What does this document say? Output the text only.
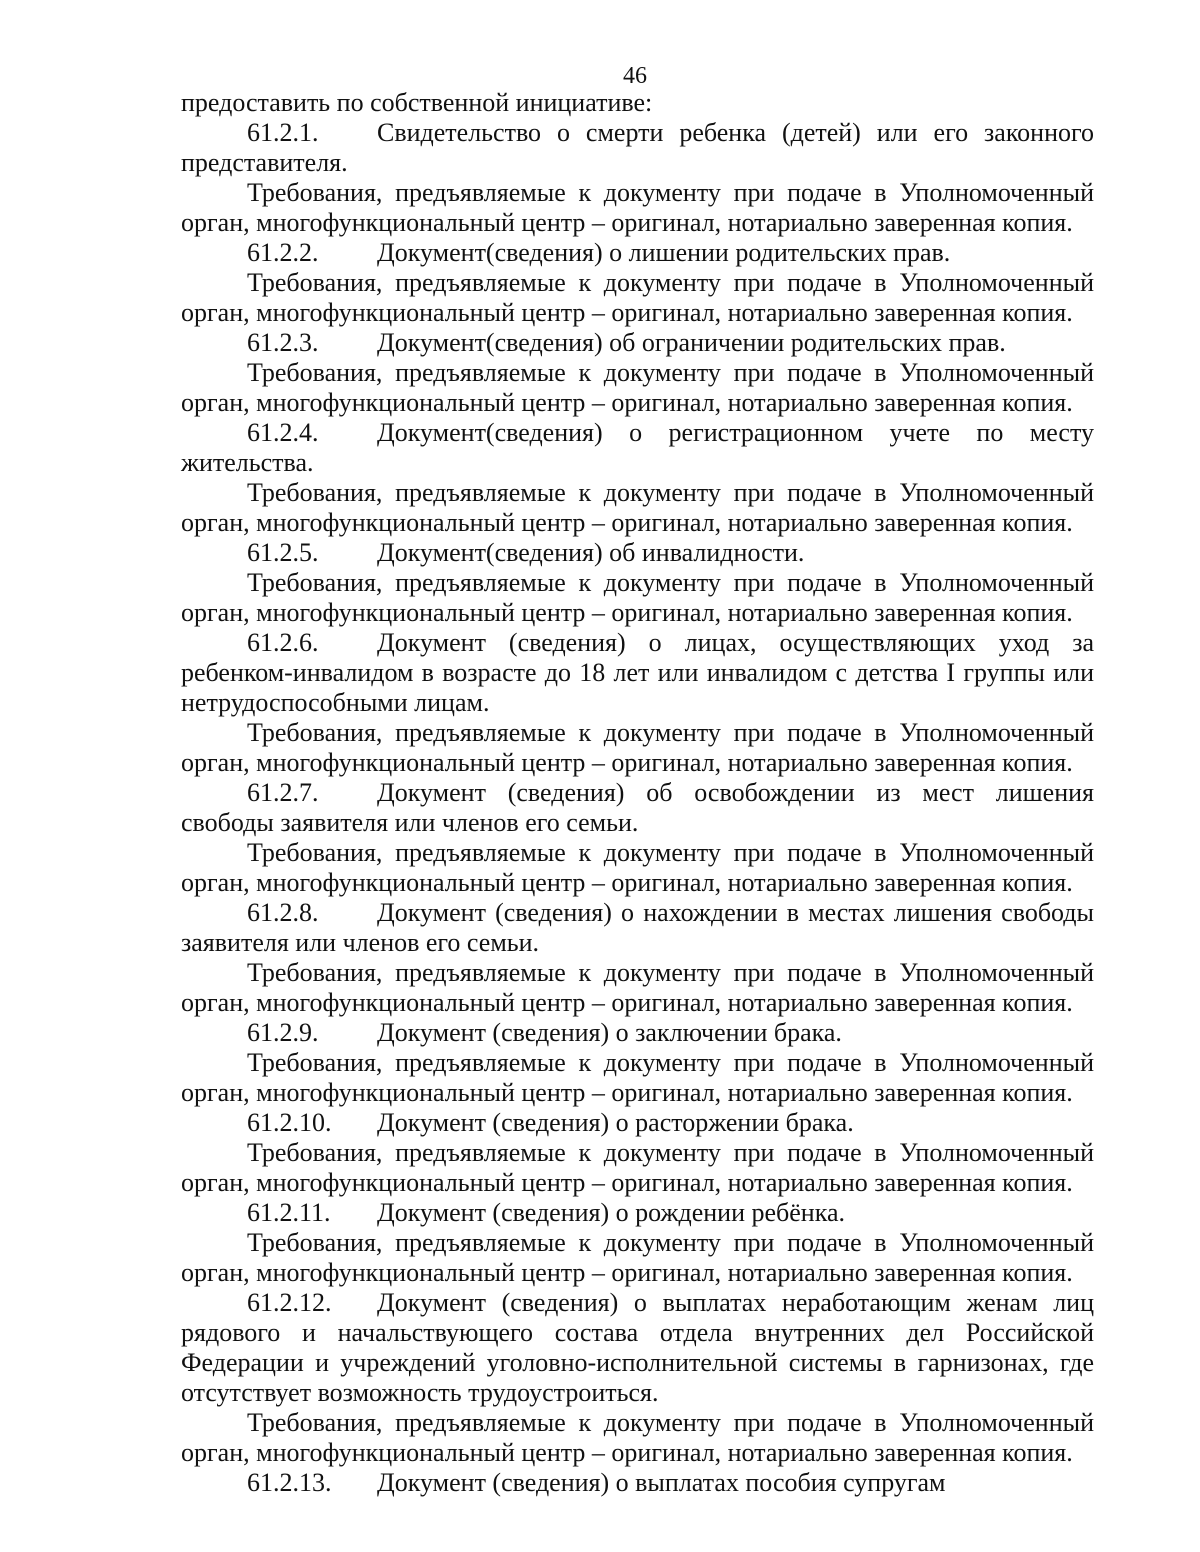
46

предоставить по собственной инициативе:

61.2.1. Свидетельство о смерти ребенка (детей) или его законного представителя.

Требования, предъявляемые к документу при подаче в Уполномоченный орган, многофункциональный центр – оригинал, нотариально заверенная копия.

61.2.2. Документ(сведения) о лишении родительских прав.

Требования, предъявляемые к документу при подаче в Уполномоченный орган, многофункциональный центр – оригинал, нотариально заверенная копия.

61.2.3. Документ(сведения) об ограничении родительских прав.

Требования, предъявляемые к документу при подаче в Уполномоченный орган, многофункциональный центр – оригинал, нотариально заверенная копия.

61.2.4. Документ(сведения) о регистрационном учете по месту жительства.

Требования, предъявляемые к документу при подаче в Уполномоченный орган, многофункциональный центр – оригинал, нотариально заверенная копия.

61.2.5. Документ(сведения) об инвалидности.

Требования, предъявляемые к документу при подаче в Уполномоченный орган, многофункциональный центр – оригинал, нотариально заверенная копия.

61.2.6. Документ (сведения) о лицах, осуществляющих уход за ребенком-инвалидом в возрасте до 18 лет или инвалидом с детства I группы или нетрудоспособными лицам.

Требования, предъявляемые к документу при подаче в Уполномоченный орган, многофункциональный центр – оригинал, нотариально заверенная копия.

61.2.7. Документ (сведения) об освобождении из мест лишения свободы заявителя или членов его семьи.

Требования, предъявляемые к документу при подаче в Уполномоченный орган, многофункциональный центр – оригинал, нотариально заверенная копия.

61.2.8. Документ (сведения) о нахождении в местах лишения свободы заявителя или членов его семьи.

Требования, предъявляемые к документу при подаче в Уполномоченный орган, многофункциональный центр – оригинал, нотариально заверенная копия.

61.2.9. Документ (сведения) о заключении брака.

Требования, предъявляемые к документу при подаче в Уполномоченный орган, многофункциональный центр – оригинал, нотариально заверенная копия.

61.2.10. Документ (сведения) о расторжении брака.

Требования, предъявляемые к документу при подаче в Уполномоченный орган, многофункциональный центр – оригинал, нотариально заверенная копия.

61.2.11. Документ (сведения) о рождении ребёнка.

Требования, предъявляемые к документу при подаче в Уполномоченный орган, многофункциональный центр – оригинал, нотариально заверенная копия.

61.2.12. Документ (сведения) о выплатах неработающим женам лиц рядового и начальствующего состава отдела внутренних дел Российской Федерации и учреждений уголовно-исполнительной системы в гарнизонах, где отсутствует возможность трудоустроиться.

Требования, предъявляемые к документу при подаче в Уполномоченный орган, многофункциональный центр – оригинал, нотариально заверенная копия.

61.2.13. Документ (сведения) о выплатах пособия супругам
